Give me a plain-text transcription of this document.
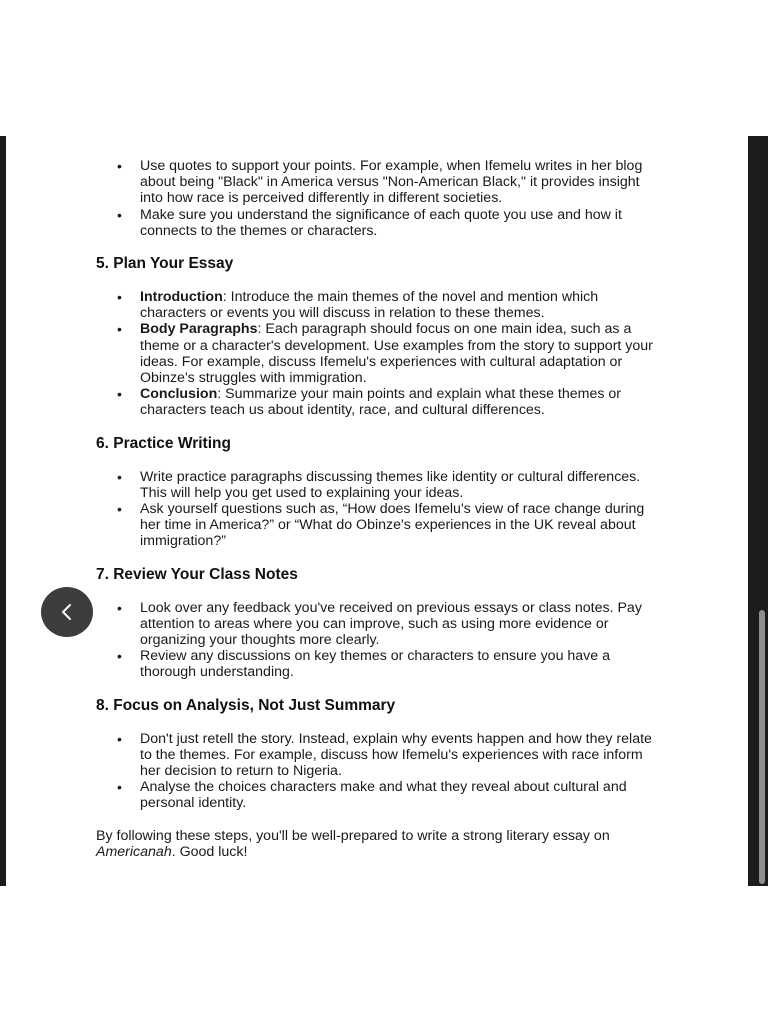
• Use quotes to support your points. For example, when Ifemelu writes in her blog about being "Black" in America versus "Non-American Black," it provides insight into how race is perceived differently in different societies.
• Make sure you understand the significance of each quote you use and how it connects to the themes or characters.
5. Plan Your Essay
• Introduction: Introduce the main themes of the novel and mention which characters or events you will discuss in relation to these themes.
• Body Paragraphs: Each paragraph should focus on one main idea, such as a theme or a character's development. Use examples from the story to support your ideas. For example, discuss Ifemelu's experiences with cultural adaptation or Obinze's struggles with immigration.
• Conclusion: Summarize your main points and explain what these themes or characters teach us about identity, race, and cultural differences.
6. Practice Writing
• Write practice paragraphs discussing themes like identity or cultural differences. This will help you get used to explaining your ideas.
• Ask yourself questions such as, “How does Ifemelu's view of race change during her time in America?” or “What do Obinze's experiences in the UK reveal about immigration?”
7. Review Your Class Notes
• Look over any feedback you've received on previous essays or class notes. Pay attention to areas where you can improve, such as using more evidence or organizing your thoughts more clearly.
• Review any discussions on key themes or characters to ensure you have a thorough understanding.
8. Focus on Analysis, Not Just Summary
• Don't just retell the story. Instead, explain why events happen and how they relate to the themes. For example, discuss how Ifemelu's experiences with race inform her decision to return to Nigeria.
• Analyse the choices characters make and what they reveal about cultural and personal identity.

By following these steps, you'll be well-prepared to write a strong literary essay on Americanah. Good luck!
